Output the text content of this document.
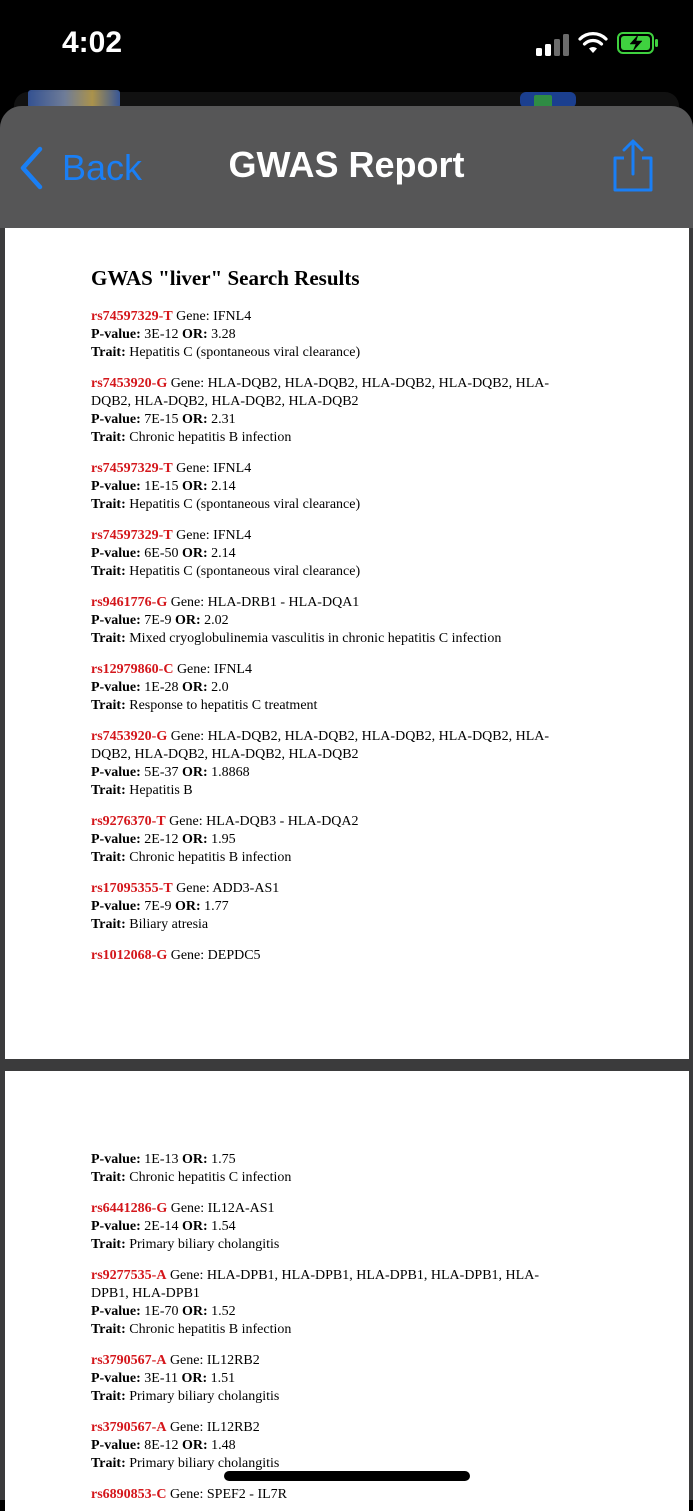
4:02
Back	GWAS Report
GWAS "liver" Search Results
rs74597329-T Gene: IFNL4
P-value: 3E-12 OR: 3.28
Trait: Hepatitis C (spontaneous viral clearance)
rs7453920-G Gene: HLA-DQB2, HLA-DQB2, HLA-DQB2, HLA-DQB2, HLA-DQB2, HLA-DQB2, HLA-DQB2, HLA-DQB2
P-value: 7E-15 OR: 2.31
Trait: Chronic hepatitis B infection
rs74597329-T Gene: IFNL4
P-value: 1E-15 OR: 2.14
Trait: Hepatitis C (spontaneous viral clearance)
rs74597329-T Gene: IFNL4
P-value: 6E-50 OR: 2.14
Trait: Hepatitis C (spontaneous viral clearance)
rs9461776-G Gene: HLA-DRB1 - HLA-DQA1
P-value: 7E-9 OR: 2.02
Trait: Mixed cryoglobulinemia vasculitis in chronic hepatitis C infection
rs12979860-C Gene: IFNL4
P-value: 1E-28 OR: 2.0
Trait: Response to hepatitis C treatment
rs7453920-G Gene: HLA-DQB2, HLA-DQB2, HLA-DQB2, HLA-DQB2, HLA-DQB2, HLA-DQB2, HLA-DQB2, HLA-DQB2
P-value: 5E-37 OR: 1.8868
Trait: Hepatitis B
rs9276370-T Gene: HLA-DQB3 - HLA-DQA2
P-value: 2E-12 OR: 1.95
Trait: Chronic hepatitis B infection
rs17095355-T Gene: ADD3-AS1
P-value: 7E-9 OR: 1.77
Trait: Biliary atresia
rs1012068-G Gene: DEPDC5
P-value: 1E-13 OR: 1.75
Trait: Chronic hepatitis C infection
rs6441286-G Gene: IL12A-AS1
P-value: 2E-14 OR: 1.54
Trait: Primary biliary cholangitis
rs9277535-A Gene: HLA-DPB1, HLA-DPB1, HLA-DPB1, HLA-DPB1, HLA-DPB1, HLA-DPB1
P-value: 1E-70 OR: 1.52
Trait: Chronic hepatitis B infection
rs3790567-A Gene: IL12RB2
P-value: 3E-11 OR: 1.51
Trait: Primary biliary cholangitis
rs3790567-A Gene: IL12RB2
P-value: 8E-12 OR: 1.48
Trait: Primary biliary cholangitis
rs6890853-C Gene: SPEF2 - IL7R
